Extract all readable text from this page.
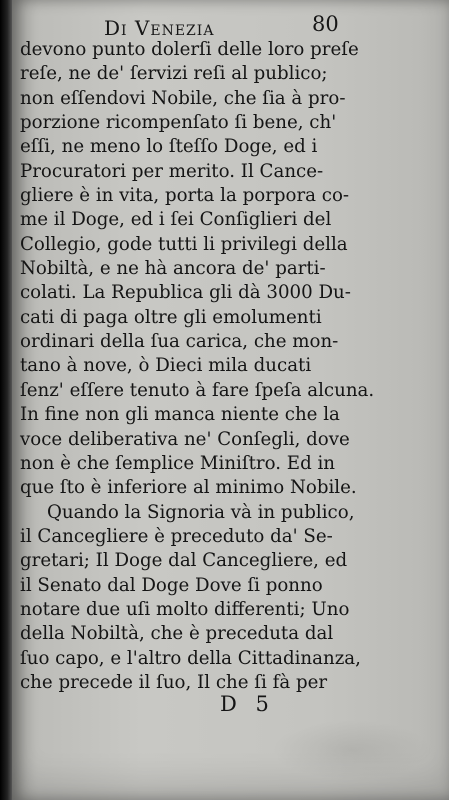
Di Venezia	80
devono punto dolerſi delle loro preſe
reſe, ne de' ſervizi reſi al publico;
non eſſendovi Nobile, che ſia à pro-
porzione ricompenſato ſi bene, ch'
eſſi, ne meno lo ſteſſo Doge, ed i
Procuratori per merito. Il Cance-
gliere è in vita, porta la porpora co-
me il Doge, ed i ſei Conſiglieri del
Collegio, gode tutti li privilegi della
Nobiltà, e ne hà ancora de' parti-
colati. La Republica gli dà 3000 Du-
cati di paga oltre gli emolumenti
ordinari della ſua carica, che mon-
tano à nove, ò Dieci mila ducati
ſenz' eſſere tenuto à fare ſpeſa alcuna.
In fine non gli manca niente che la
voce deliberativa ne' Conſegli, dove
non è che ſemplice Miniſtro. Ed in
que ſto è inferiore al minimo Nobile.
Quando la Signoria và in publico,
il Cancegliere è preceduto da' Se-
gretari; Il Doge dal Cancegliere, ed
il Senato dal Doge Dove ſi ponno
notare due uſi molto differenti; Uno
della Nobiltà, che è preceduta dal
ſuo capo, e l'altro della Cittadinanza,
che precede il ſuo, Il che ſi fà per
D 5
